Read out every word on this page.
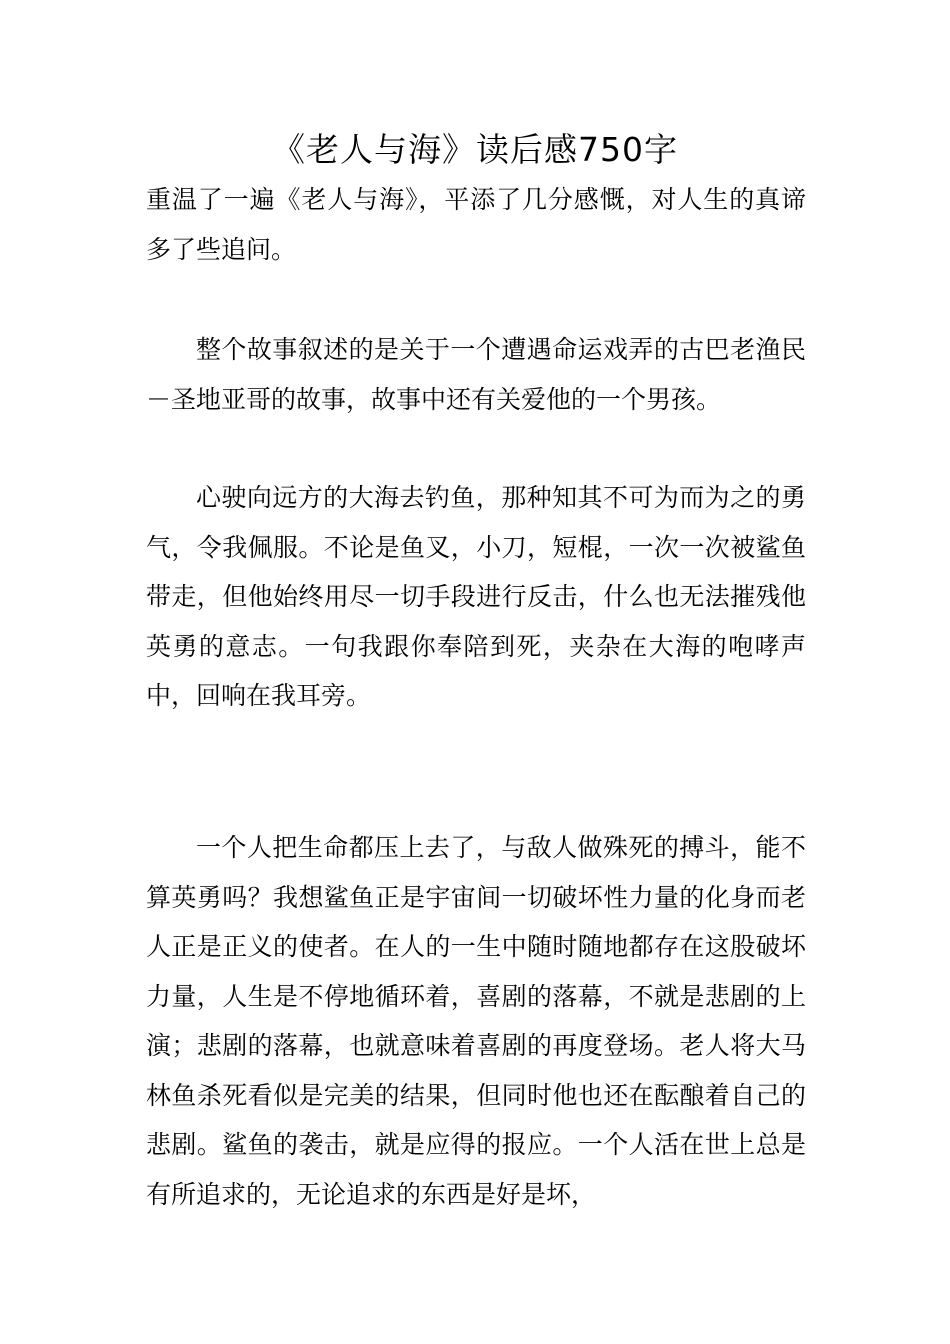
《老人与海》读后感750字

重温了一遍《老人与海》，平添了几分感慨，对人生的真谛多了些追问。

整个故事叙述的是关于一个遭遇命运戏弄的古巴老渔民－圣地亚哥的故事，故事中还有关爱他的一个男孩。

心驶向远方的大海去钓鱼，那种知其不可为而为之的勇气，令我佩服。不论是鱼叉，小刀，短棍，一次一次被鲨鱼带走，但他始终用尽一切手段进行反击，什么也无法摧残他英勇的意志。一句我跟你奉陪到死，夹杂在大海的咆哮声中，回响在我耳旁。

一个人把生命都压上去了，与敌人做殊死的搏斗，能不算英勇吗？我想鲨鱼正是宇宙间一切破坏性力量的化身而老人正是正义的使者。在人的一生中随时随地都存在这股破坏力量，人生是不停地循环着，喜剧的落幕，不就是悲剧的上演；悲剧的落幕，也就意味着喜剧的再度登场。老人将大马林鱼杀死看似是完美的结果，但同时他也还在酝酿着自己的悲剧。鲨鱼的袭击，就是应得的报应。一个人活在世上总是有所追求的，无论追求的东西是好是坏，
